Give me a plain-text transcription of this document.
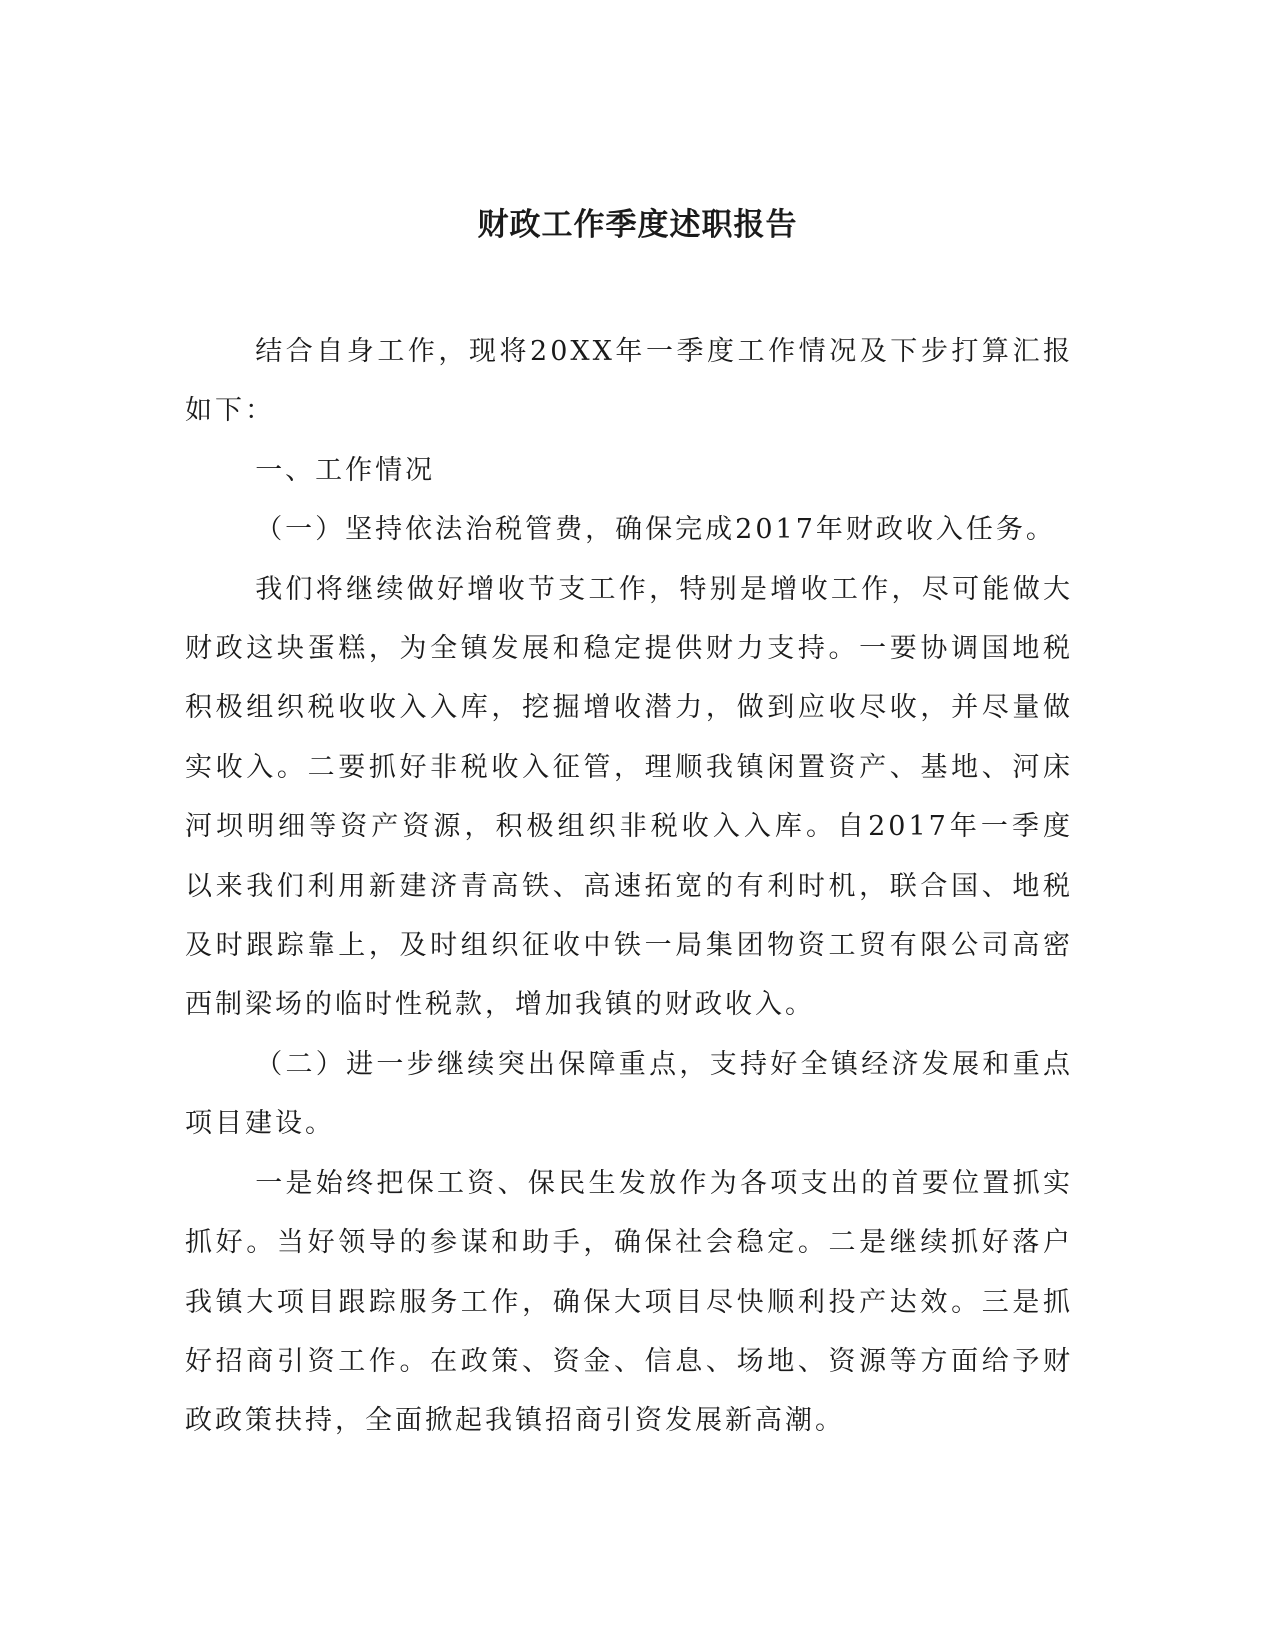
财政工作季度述职报告

结合自身工作，现将20XX年一季度工作情况及下步打算汇报如下：

一、工作情况

（一）坚持依法治税管费，确保完成2017年财政收入任务。

我们将继续做好增收节支工作，特别是增收工作，尽可能做大财政这块蛋糕，为全镇发展和稳定提供财力支持。一要协调国地税积极组织税收收入入库，挖掘增收潜力，做到应收尽收，并尽量做实收入。二要抓好非税收入征管，理顺我镇闲置资产、基地、河床河坝明细等资产资源，积极组织非税收入入库。自2017年一季度以来我们利用新建济青高铁、高速拓宽的有利时机，联合国、地税及时跟踪靠上，及时组织征收中铁一局集团物资工贸有限公司高密西制梁场的临时性税款，增加我镇的财政收入。

（二）进一步继续突出保障重点，支持好全镇经济发展和重点项目建设。

一是始终把保工资、保民生发放作为各项支出的首要位置抓实抓好。当好领导的参谋和助手，确保社会稳定。二是继续抓好落户我镇大项目跟踪服务工作，确保大项目尽快顺利投产达效。三是抓好招商引资工作。在政策、资金、信息、场地、资源等方面给予财政政策扶持，全面掀起我镇招商引资发展新高潮。
